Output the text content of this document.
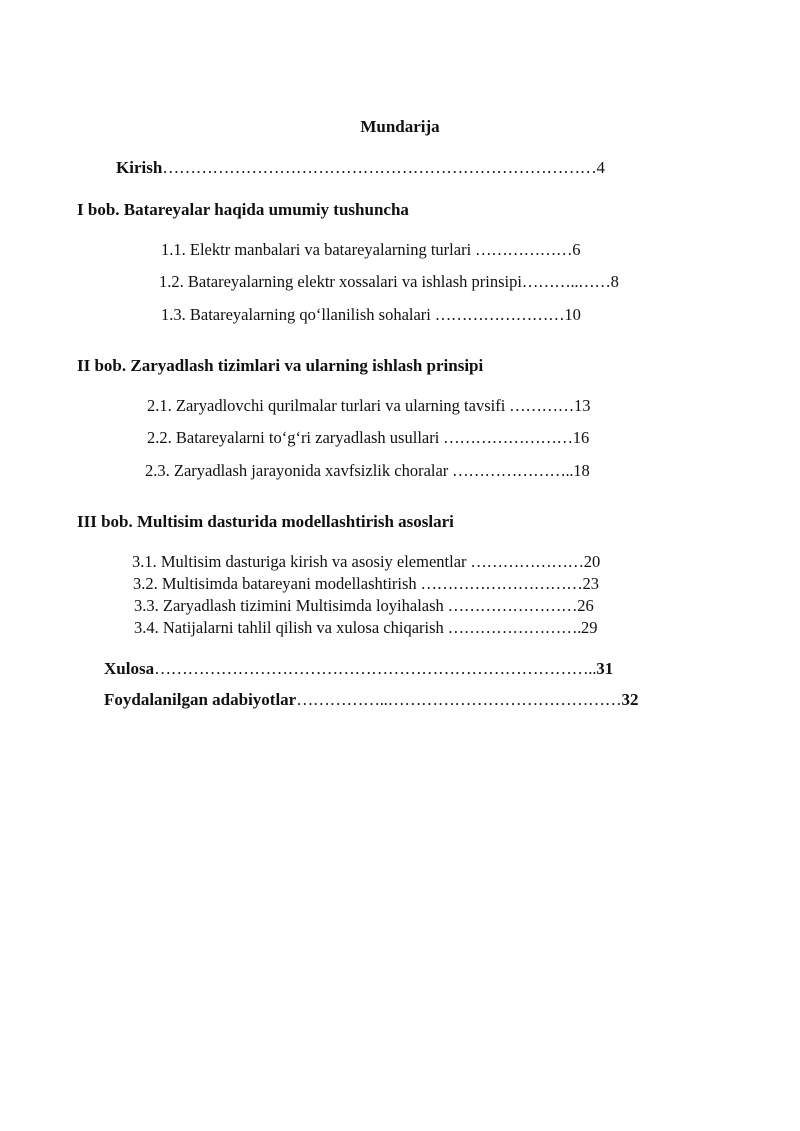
Mundarija
Kirish……………………………………………………………………4
I bob. Batareyalar haqida umumiy tushuncha
1.1. Elektr manbalari va batareyalarning turlari ………………6
1.2. Batareyalarning elektr xossalari va ishlash prinsipi………..……8
1.3. Batareyalarning qo‘llanilish sohalari ……………………10
II bob. Zaryadlash tizimlari va ularning ishlash prinsipi
2.1. Zaryadlovchi qurilmalar turlari va ularning tavsifi …………13
2.2. Batareyalarni to‘g‘ri zaryadlash usullari ……………………16
2.3. Zaryadlash jarayonida xavfsizlik choralar …………………..18
III bob. Multisim dasturida modellashtirish asoslari
3.1. Multisim dasturiga kirish va asosiy elementlar …………………20
3.2. Multisimda batareyani modellashtirish …………………………23
3.3. Zaryadlash tizimini Multisimda loyihalash ……………………26
3.4. Natijalarni tahlil qilish va xulosa chiqarish …………………….29
Xulosa……………………………………………………………………..31
Foydalanilgan adabiyotlar……………..……………………………………32
